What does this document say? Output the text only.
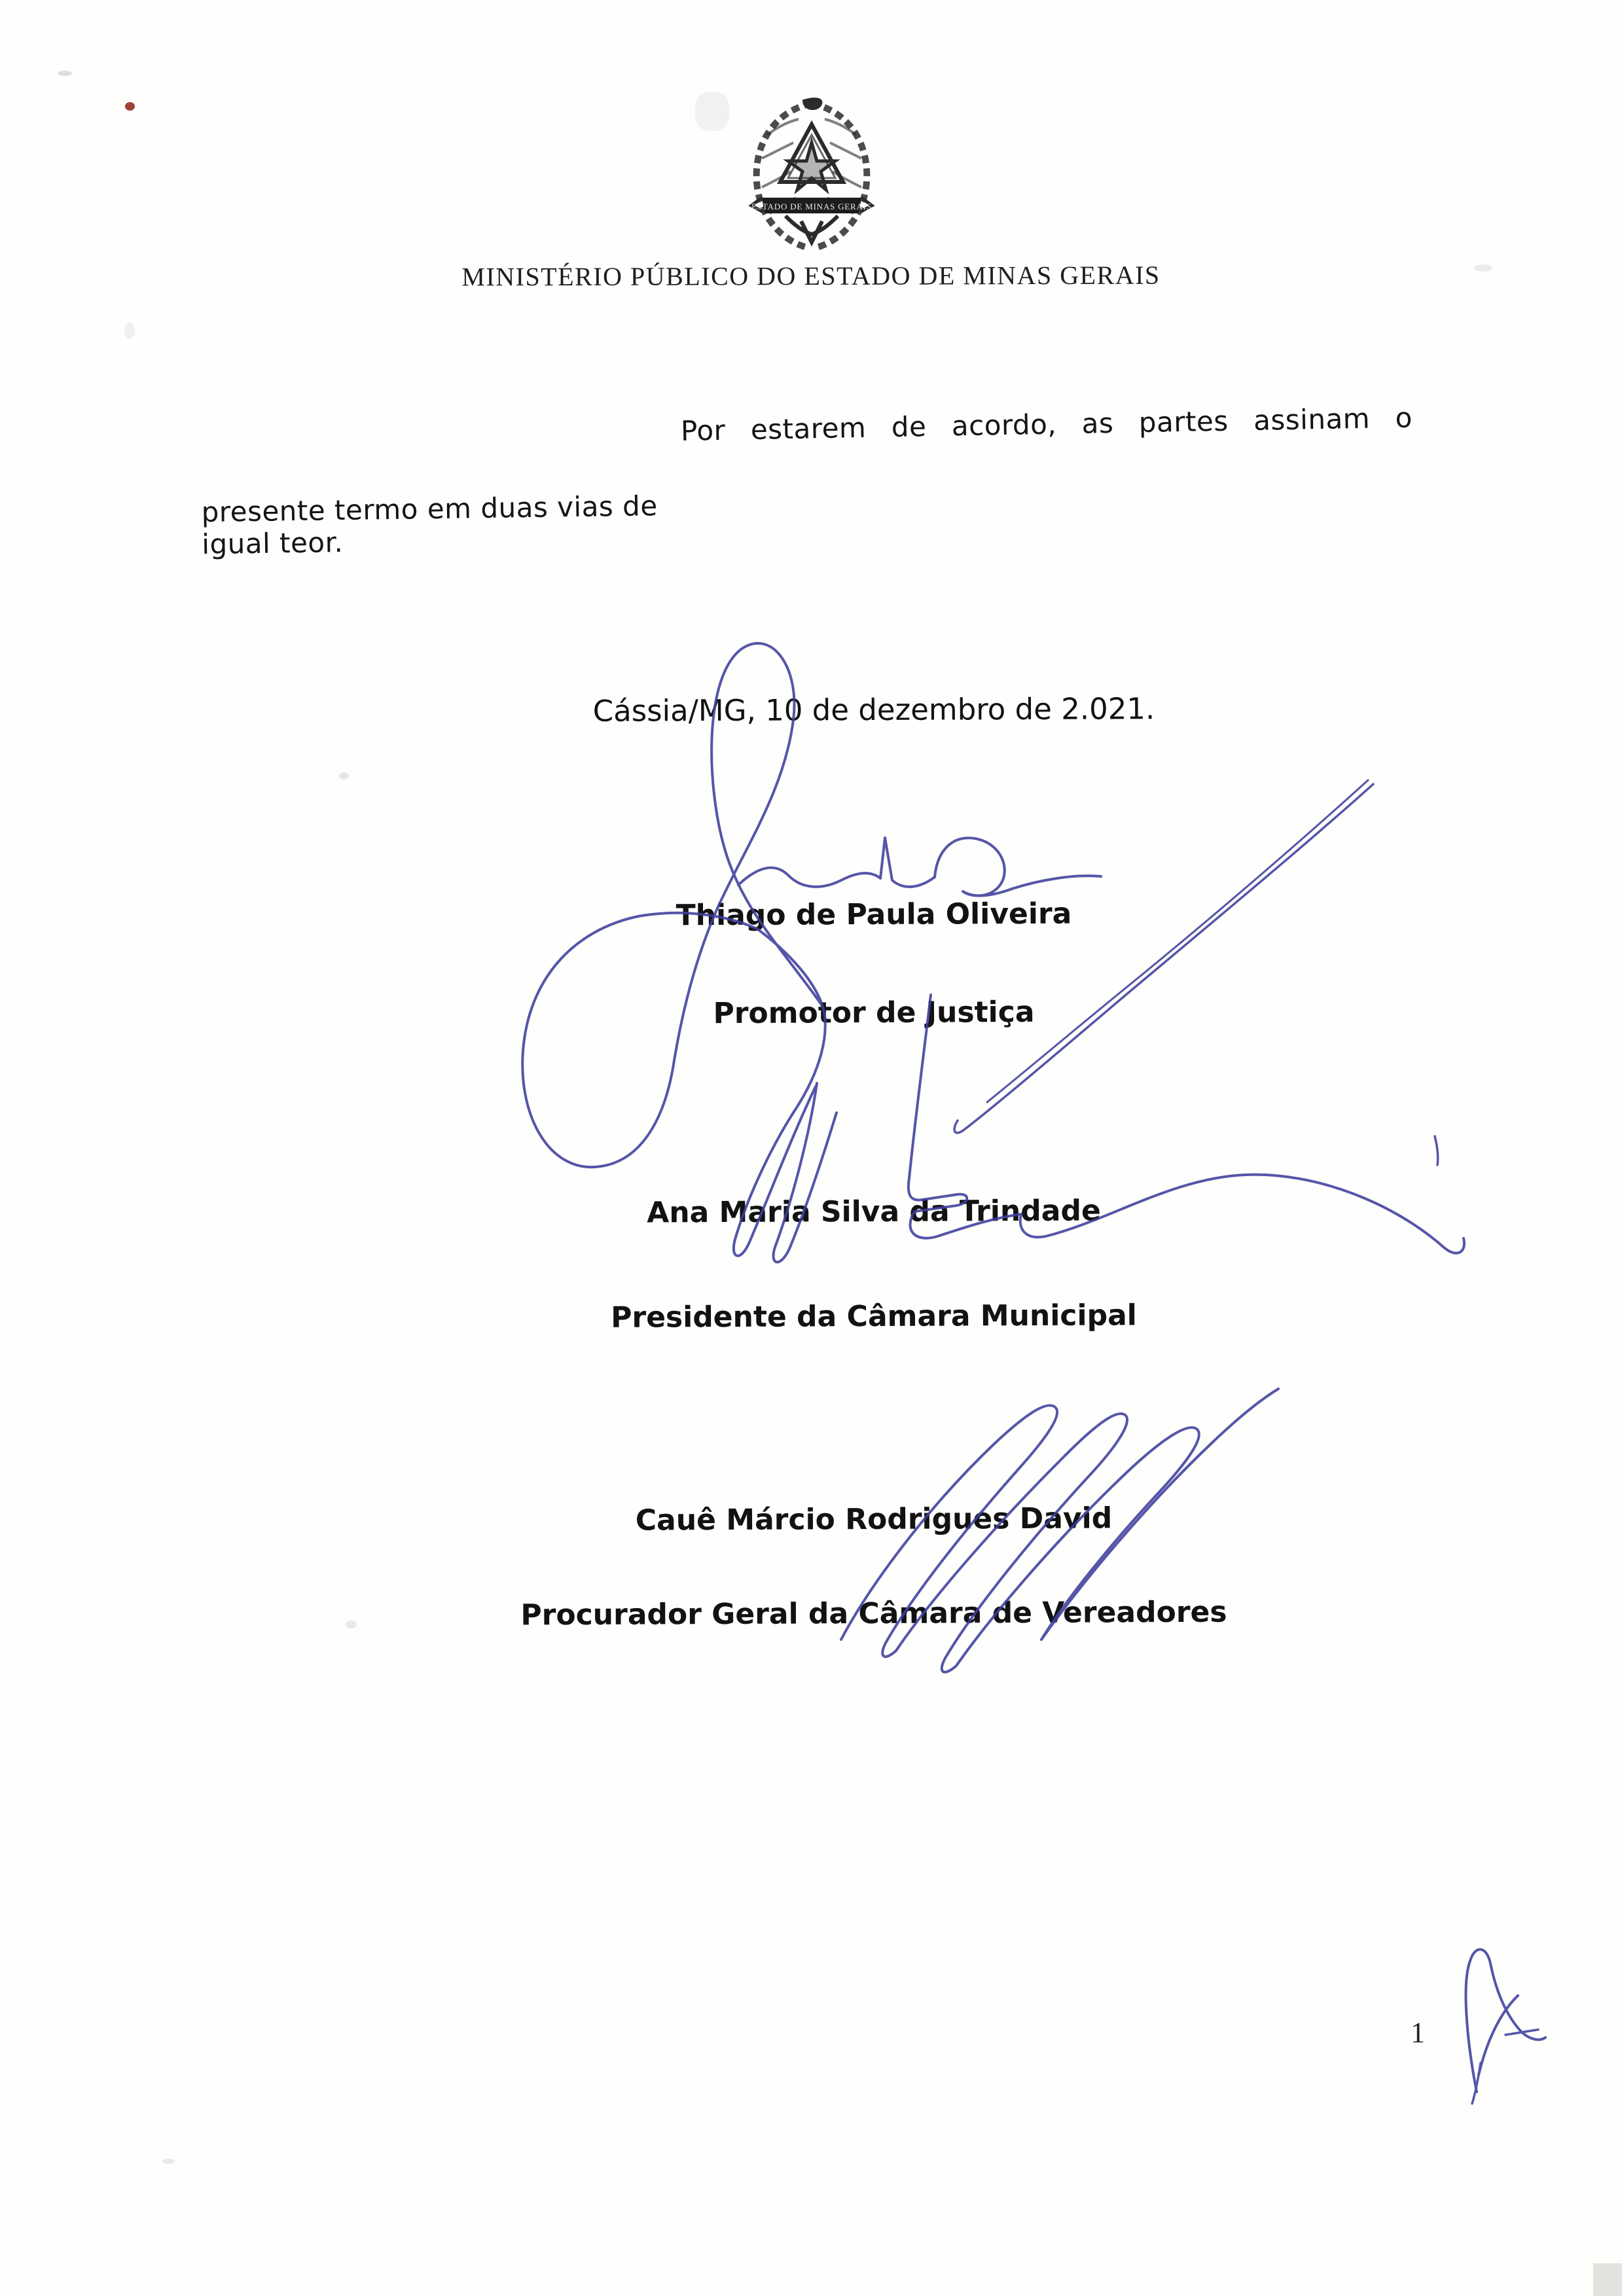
ESTADO DE MINAS GERAIS
MINISTÉRIO PÚBLICO DO ESTADO DE MINAS GERAIS
Por estarem de acordo, as partes assinam o
presente termo em duas vias de igual teor.
Cássia/MG, 10 de dezembro de 2.021.
Thiago de Paula Oliveira
Promotor de Justiça
Ana Maria Silva da Trindade
Presidente da Câmara Municipal
Cauê Márcio Rodrigues David
Procurador Geral da Câmara de Vereadores
1
